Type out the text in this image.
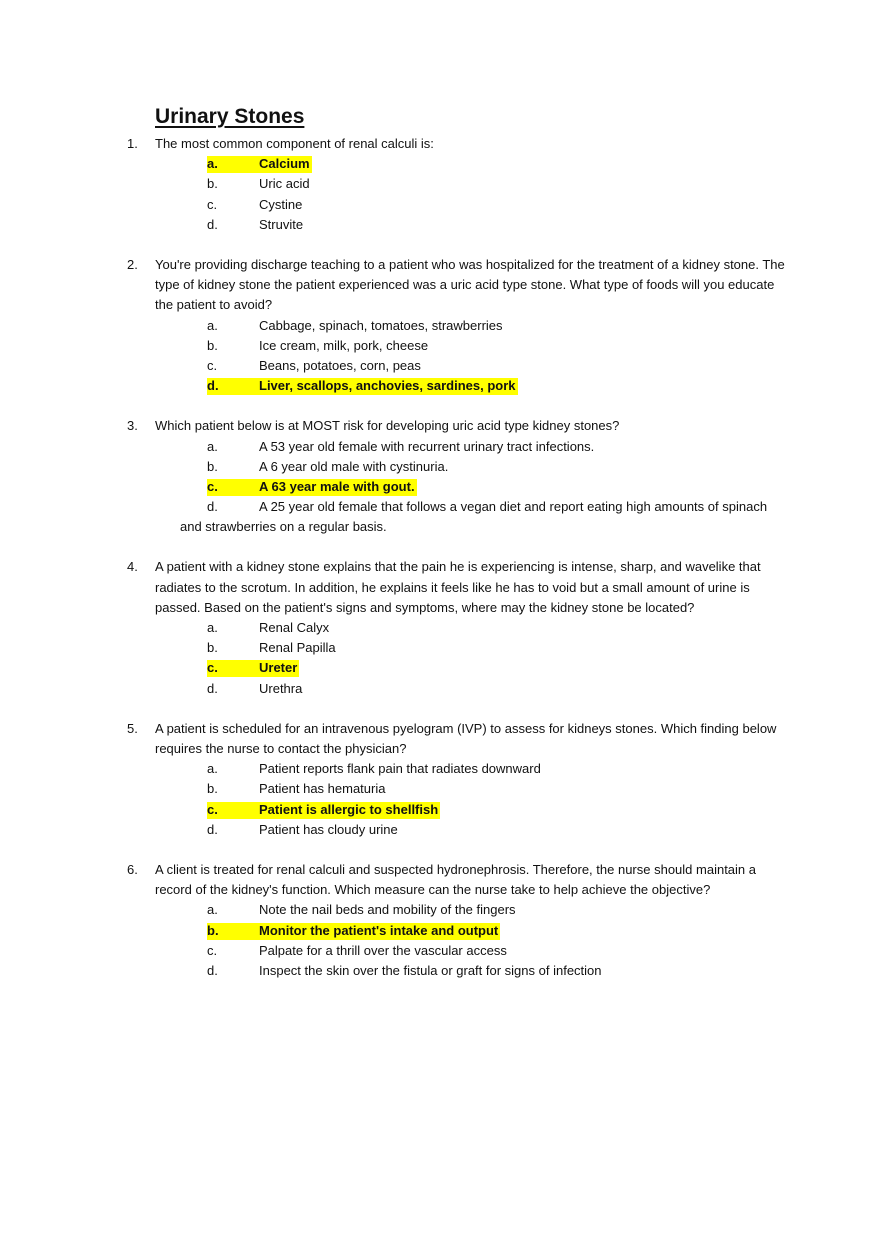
Urinary Stones
1. The most common component of renal calculi is:
a.	Calcium
b.	Uric acid
c.	Cystine
d.	Struvite
2. You're providing discharge teaching to a patient who was hospitalized for the treatment of a kidney stone. The type of kidney stone the patient experienced was a uric acid type stone. What type of foods will you educate the patient to avoid?
a.	Cabbage, spinach, tomatoes, strawberries
b.	Ice cream, milk, pork, cheese
c.	Beans, potatoes, corn, peas
d.	Liver, scallops, anchovies, sardines, pork
3. Which patient below is at MOST risk for developing uric acid type kidney stones?
a.	A 53 year old female with recurrent urinary tract infections.
b.	A 6 year old male with cystinuria.
c.	A 63 year male with gout.
d.	A 25 year old female that follows a vegan diet and report eating high amounts of spinach
and strawberries on a regular basis.
4. A patient with a kidney stone explains that the pain he is experiencing is intense, sharp, and wavelike that radiates to the scrotum. In addition, he explains it feels like he has to void but a small amount of urine is passed. Based on the patient's signs and symptoms, where may the kidney stone be located?
a.	Renal Calyx
b.	Renal Papilla
c.	Ureter
d.	Urethra
5. A patient is scheduled for an intravenous pyelogram (IVP) to assess for kidneys stones. Which finding below requires the nurse to contact the physician?
a.	Patient reports flank pain that radiates downward
b.	Patient has hematuria
c.	Patient is allergic to shellfish
d.	Patient has cloudy urine
6. A client is treated for renal calculi and suspected hydronephrosis. Therefore, the nurse should maintain a record of the kidney's function. Which measure can the nurse take to help achieve the objective?
a.	Note the nail beds and mobility of the fingers
b.	Monitor the patient's intake and output
c.	Palpate for a thrill over the vascular access
d.	Inspect the skin over the fistula or graft for signs of infection
